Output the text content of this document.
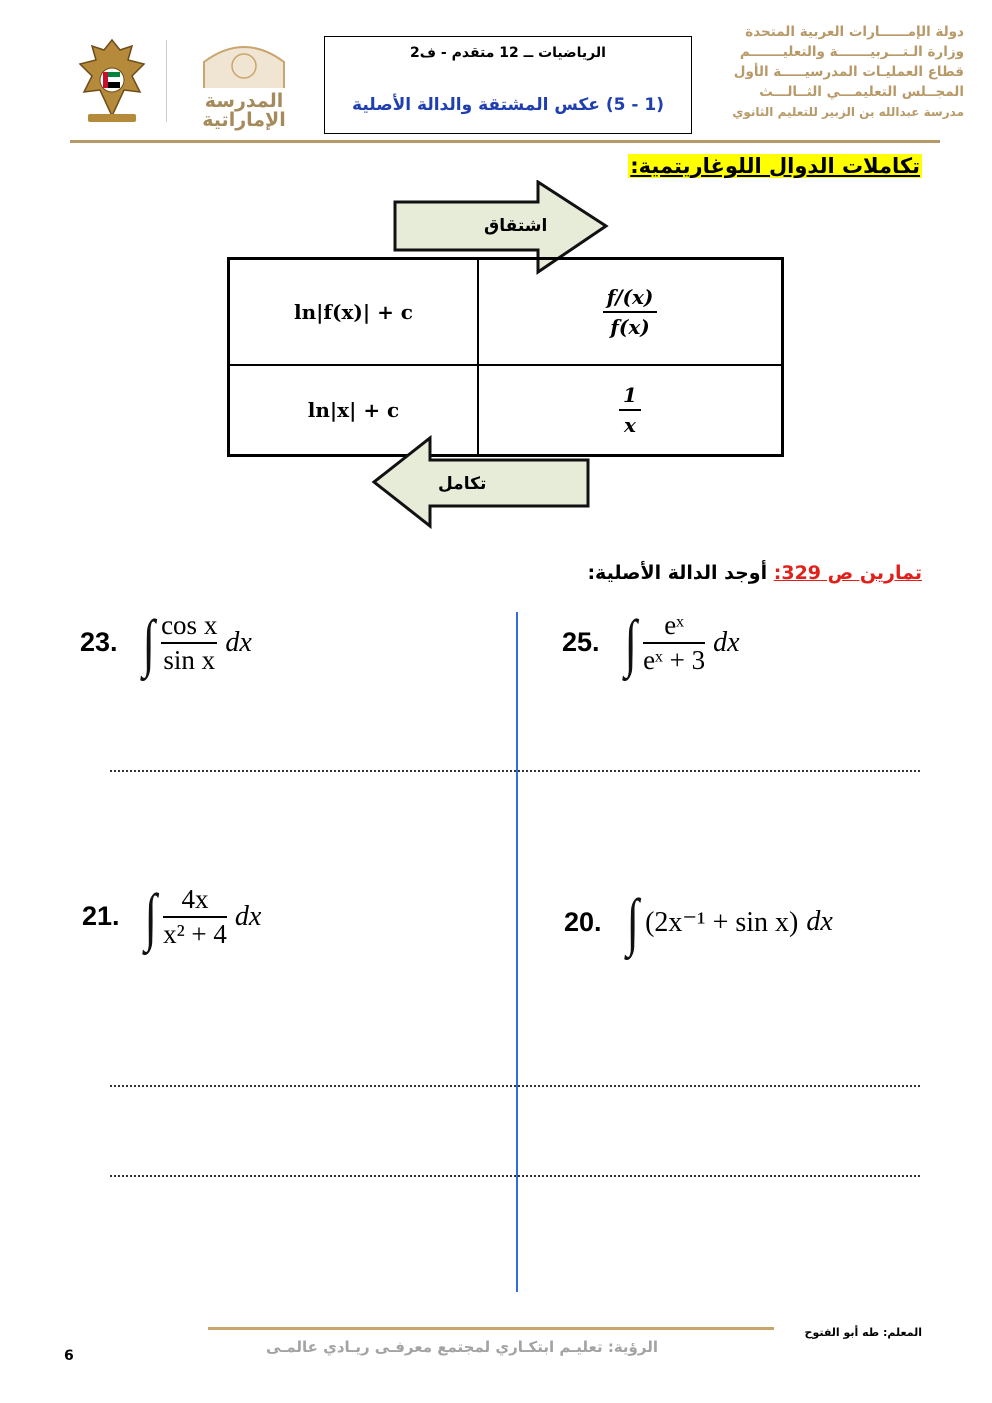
المدرسة
الإماراتية
الرياضيات ــ 12 متقدم - ف2
(1 - 5) عكس المشتقة والدالة الأصلية
دولة الإمــــــارات العربية المتحدة
وزارة الـتـــربيـــــــة والتعليـــــــم
قطاع العمليـات المدرسيـــــة الأول
المجــلس التعليمـــي الثــالـــث
مدرسة عبدالله بن الزبير للتعليم الثانوي
تكاملات الدوال اللوغاريتمية:
اشتقاق
ln|f(x)| + c	$\frac{f/(x)}{f(x)}$
ln|x| + c	$\frac{1}{x}$
تكامل
تمارين ص 329: أوجد الدالة الأصلية:
23. ∫ cos x
sin x
dx	25. ∫ eˣ
eˣ + 3
dx
21. ∫ 4x
x² + 4
dx	20. ∫ (2x⁻¹ + sin x) dx
الرؤية: تعليـم ابتكـاري لمجتمع معرفـى ريـادي عالمـى
المعلم: طه أبو الفتوح
6
